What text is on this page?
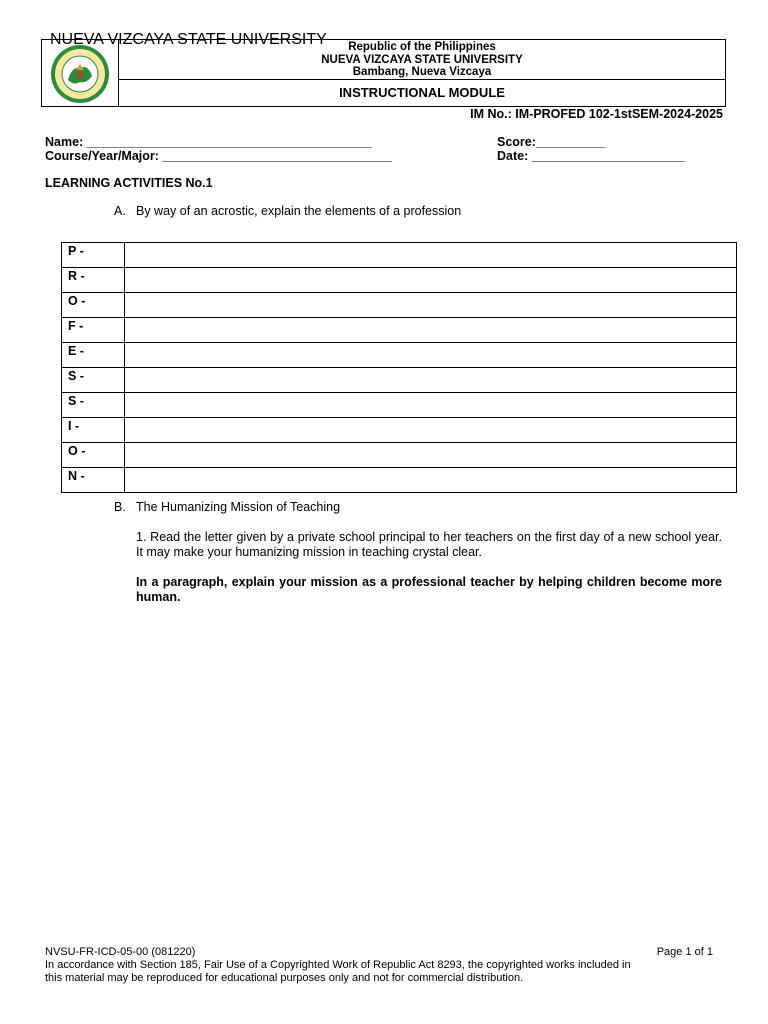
NUEVA VIZCAYA STATE UNIVERSITY	Republic of the Philippines
NUEVA VIZCAYA STATE UNIVERSITY
Bambang, Nueva Vizcaya
INSTRUCTIONAL MODULE
IM No.: IM-PROFED 102-1stSEM-2024-2025
Name: _________________________________________
Course/Year/Major: _________________________________
Score:__________
Date: ______________________
LEARNING ACTIVITIES No.1
A. By way of an acrostic, explain the elements of a profession
P -	
R -	
O -	
F -	
E -	
S -	
S -	
I -	
O -	
N -	
B. The Humanizing Mission of Teaching
1. Read the letter given by a private school principal to her teachers on the first day of a new school year. It may make your humanizing mission in teaching crystal clear.
In a paragraph, explain your mission as a professional teacher by helping children become more human.
NVSU-FR-ICD-05-00 (081220)	Page 1 of 1
In accordance with Section 185, Fair Use of a Copyrighted Work of Republic Act 8293, the copyrighted works included in
this material may be reproduced for educational purposes only and not for commercial distribution.
